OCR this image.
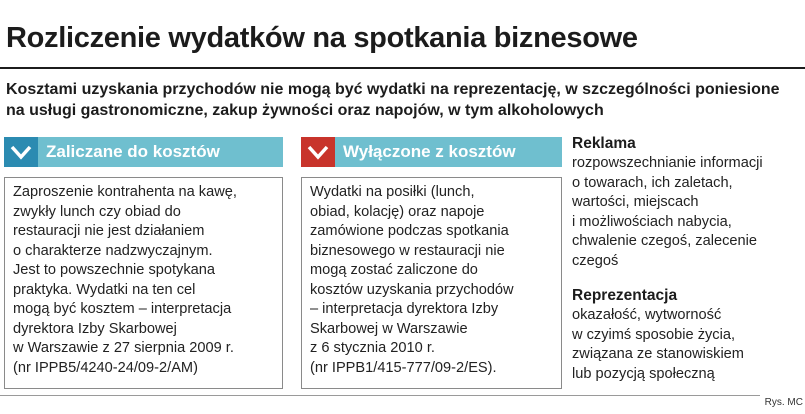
Rozliczenie wydatków na spotkania biznesowe
Kosztami uzyskania przychodów nie mogą być wydatki na reprezentację, w szczególności poniesione na usługi gastronomiczne, zakup żywności oraz napojów, w tym alkoholowych
Zaliczane do kosztów

Zaproszenie kontrahenta na kawę,
zwykły lunch czy obiad do
restauracji nie jest działaniem
o charakterze nadzwyczajnym.
Jest to powszechnie spotykana
praktyka. Wydatki na ten cel
mogą być kosztem – interpretacja
dyrektora Izby Skarbowej
w Warszawie z 27 sierpnia 2009 r.
(nr IPPB5/4240-24/09-2/AM)

Wyłączone z kosztów

Wydatki na posiłki (lunch,
obiad, kolację) oraz napoje
zamówione podczas spotkania
biznesowego w restauracji nie
mogą zostać zaliczone do
kosztów uzyskania przychodów
– interpretacja dyrektora Izby
Skarbowej w Warszawie
z 6 stycznia 2010 r.
(nr IPPB1/415-777/09-2/ES).

Reklama

rozpowszechnianie informacji
o towarach, ich zaletach,
wartości, miejscach
i możliwościach nabycia,
chwalenie czegoś, zalecenie
czegoś

Reprezentacja

okazałość, wytworność
w czyimś sposobie życia,
związana ze stanowiskiem
lub pozycją społeczną

Rys. MC
